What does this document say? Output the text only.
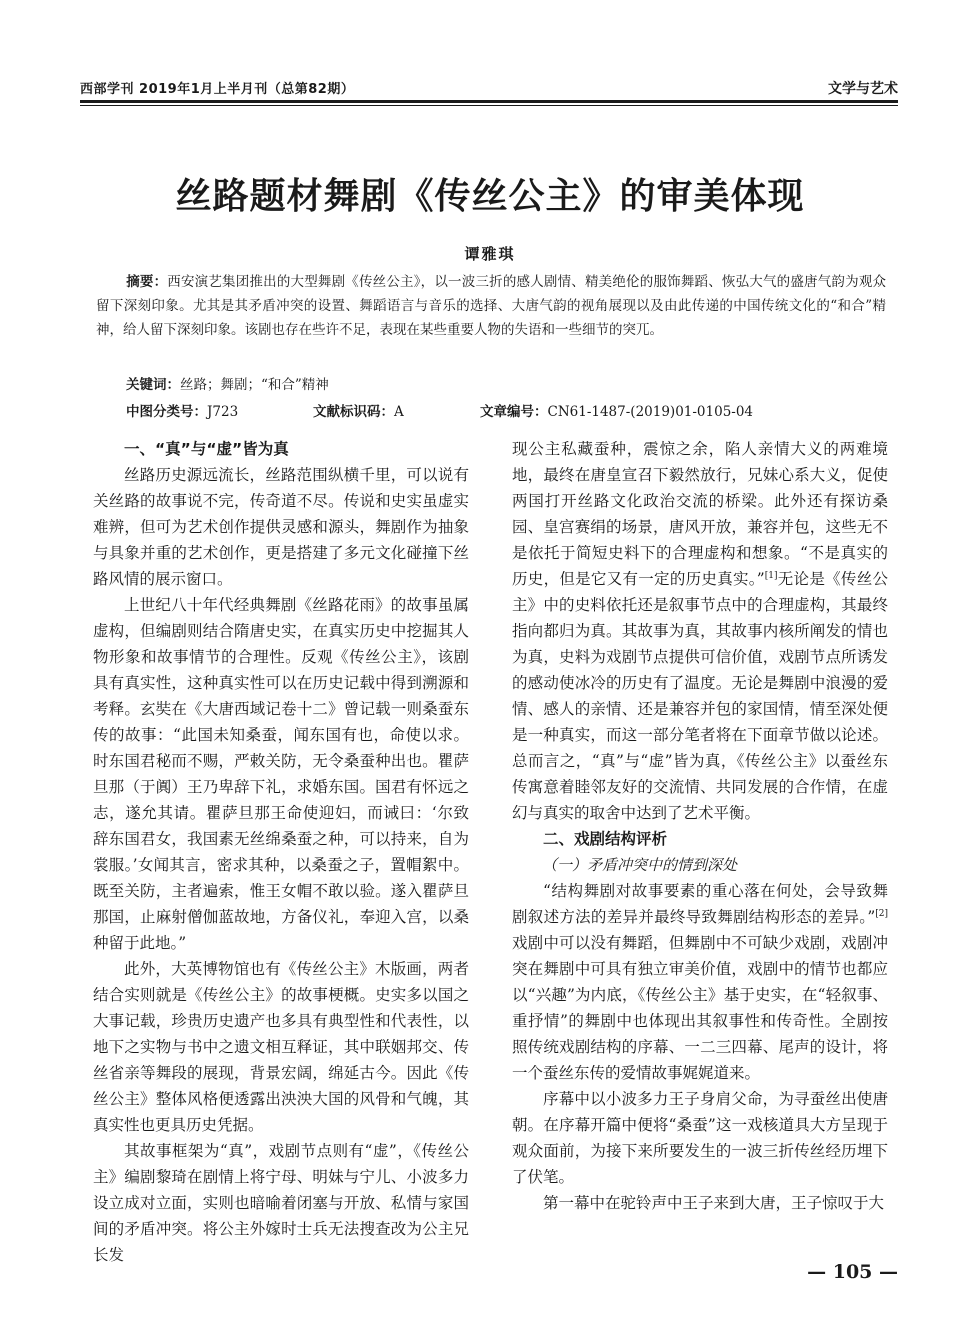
西部学刊 2019年1月上半月刊（总第82期）	文学与艺术
丝路题材舞剧《传丝公主》的审美体现
谭雅琪

摘要：西安演艺集团推出的大型舞剧《传丝公主》，以一波三折的感人剧情、精美绝伦的服饰舞蹈、恢弘大气的盛唐气韵为观众留下深刻印象。尤其是其矛盾冲突的设置、舞蹈语言与音乐的选择、大唐气韵的视角展现以及由此传递的中国传统文化的“和合”精神，给人留下深刻印象。该剧也存在些许不足，表现在某些重要人物的失语和一些细节的突兀。

关键词：丝路；舞剧；“和合”精神
中图分类号：J723	文献标识码：A	文章编号：CN61-1487-(2019)01-0105-04
一、“真”与“虚”皆为真

丝路历史源远流长，丝路范围纵横千里，可以说有关丝路的故事说不完，传奇道不尽。传说和史实虽虚实难辨，但可为艺术创作提供灵感和源头，舞剧作为抽象与具象并重的艺术创作，更是搭建了多元文化碰撞下丝路风情的展示窗口。

上世纪八十年代经典舞剧《丝路花雨》的故事虽属虚构，但编剧则结合隋唐史实，在真实历史中挖掘其人物形象和故事情节的合理性。反观《传丝公主》，该剧具有真实性，这种真实性可以在历史记载中得到溯源和考释。玄奘在《大唐西域记卷十二》曾记载一则桑蚕东传的故事：“此国未知桑蚕，闻东国有也，命使以求。时东国君秘而不赐，严敕关防，无令桑蚕种出也。瞿萨旦那（于阗）王乃卑辞下礼，求婚东国。国君有怀远之志，遂允其请。瞿萨旦那王命使迎妇，而诫曰：‘尔致辞东国君女，我国素无丝绵桑蚕之种，可以持来，自为裳服。’女闻其言，密求其种，以桑蚕之子，置帽絮中。既至关防，主者遍索，惟王女帽不敢以验。遂入瞿萨旦那国，止麻射僧伽蓝故地，方备仪礼，奉迎入宫，以桑种留于此地。”

此外，大英博物馆也有《传丝公主》木版画，两者结合实则就是《传丝公主》的故事梗概。史实多以国之大事记载，珍贵历史遗产也多具有典型性和代表性，以地下之实物与书中之遗文相互释证，其中联姻邦交、传丝省亲等舞段的展现，背景宏阔，绵延古今。因此《传丝公主》整体风格便透露出泱泱大国的风骨和气魄，其真实性也更具历史凭据。

其故事框架为“真”，戏剧节点则有“虚”，《传丝公主》编剧黎琦在剧情上将宁母、明妹与宁儿、小波多力设立成对立面，实则也暗喻着闭塞与开放、私情与家国间的矛盾冲突。将公主外嫁时士兵无法搜查改为公主兄长发

现公主私藏蚕种，震惊之余，陷人亲情大义的两难境地，最终在唐皇宣召下毅然放行，兄妹心系大义，促使两国打开丝路文化政治交流的桥梁。此外还有探访桑园、皇宫赛绢的场景，唐风开放，兼容并包，这些无不是依托于简短史料下的合理虚构和想象。“不是真实的历史，但是它又有一定的历史真实。”[1]无论是《传丝公主》中的史料依托还是叙事节点中的合理虚构，其最终指向都归为真。其故事为真，其故事内核所阐发的情也为真，史料为戏剧节点提供可信价值，戏剧节点所诱发的感动使冰冷的历史有了温度。无论是舞剧中浪漫的爱情、感人的亲情、还是兼容并包的家国情，情至深处便是一种真实，而这一部分笔者将在下面章节做以论述。总而言之，“真”与“虚”皆为真，《传丝公主》以蚕丝东传寓意着睦邻友好的交流情、共同发展的合作情，在虚幻与真实的取舍中达到了艺术平衡。

二、戏剧结构评析
（一）矛盾冲突中的情到深处

“结构舞剧对故事要素的重心落在何处，会导致舞剧叙述方法的差异并最终导致舞剧结构形态的差异。”[2]戏剧中可以没有舞蹈，但舞剧中不可缺少戏剧，戏剧冲突在舞剧中可具有独立审美价值，戏剧中的情节也都应以“兴趣”为内底，《传丝公主》基于史实，在“轻叙事、重抒情”的舞剧中也体现出其叙事性和传奇性。全剧按照传统戏剧结构的序幕、一二三四幕、尾声的设计，将一个蚕丝东传的爱情故事娓娓道来。

序幕中以小波多力王子身肩父命，为寻蚕丝出使唐朝。在序幕开篇中便将“桑蚕”这一戏核道具大方呈现于观众面前，为接下来所要发生的一波三折传丝经历埋下了伏笔。

第一幕中在驼铃声中王子来到大唐，王子惊叹于大

— 105 —
